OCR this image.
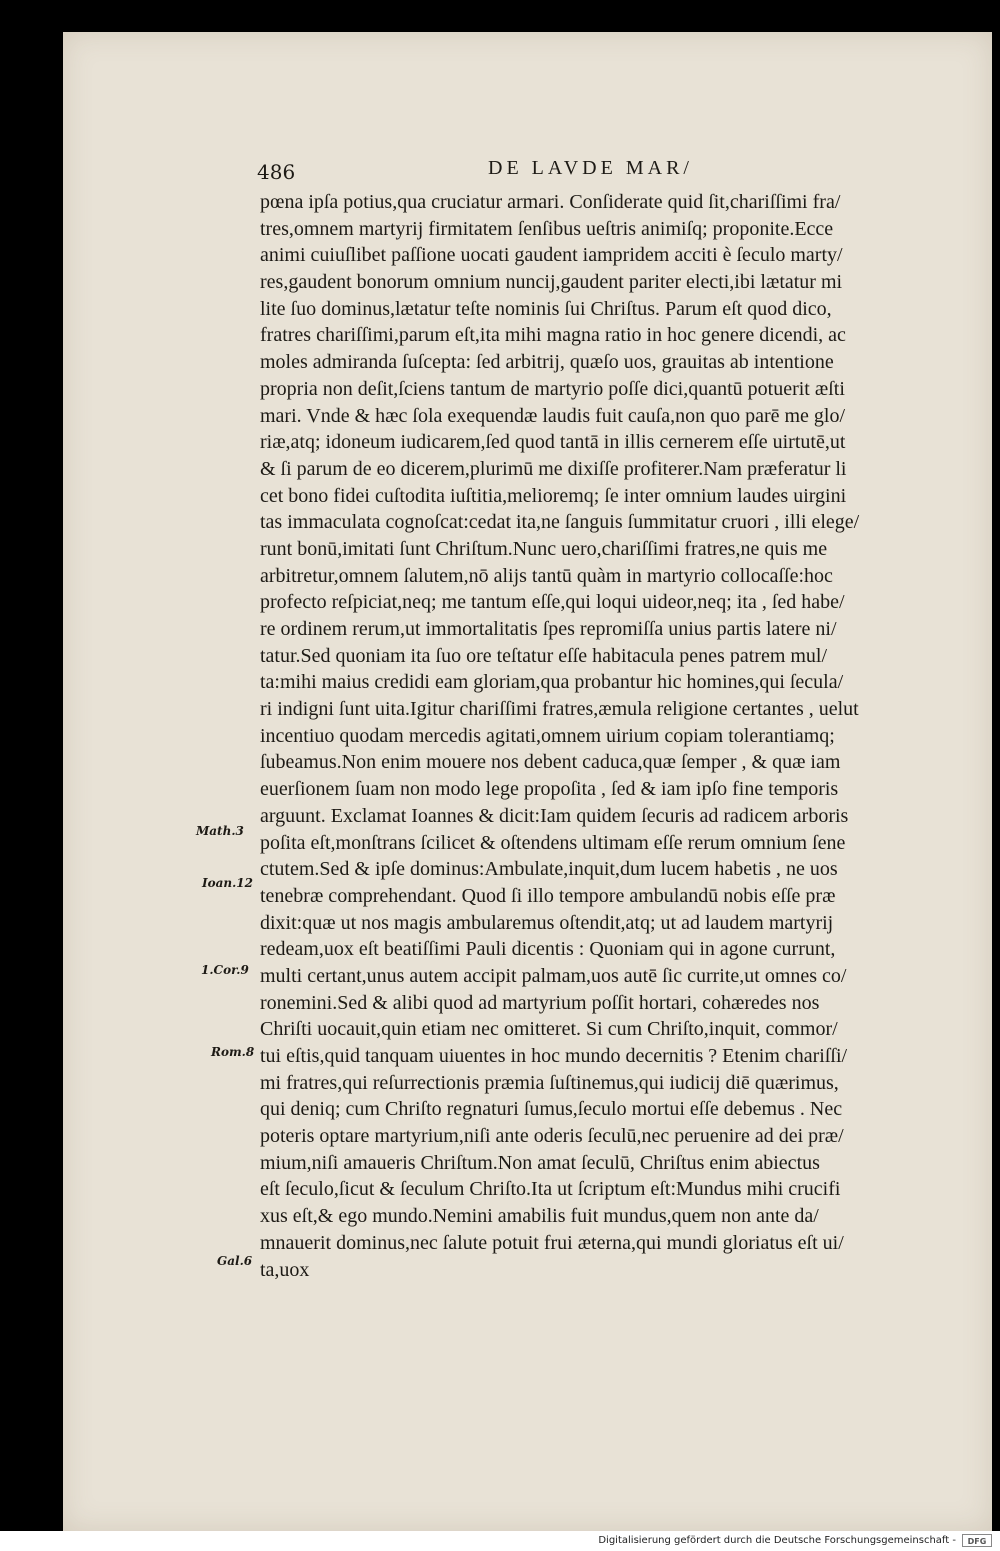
486	DE LAVDE MAR/
pœna ipſa potius,qua cruciatur armari. Conſiderate quid ſit,chariſſimi fra/
tres,omnem martyrij firmitatem ſenſibus ueſtris animiſq; proponite.Ecce
animi cuiuſlibet paſſione uocati gaudent iampridem acciti è ſeculo marty/
res,gaudent bonorum omnium nuncij,gaudent pariter electi,ibi lætatur mi
lite ſuo dominus,lætatur teſte nominis ſui Chriſtus. Parum eſt quod dico,
fratres chariſſimi,parum eſt,ita mihi magna ratio in hoc genere dicendi, ac
moles admiranda ſuſcepta: ſed arbitrij, quæſo uos, grauitas ab intentione
propria non deſit,ſciens tantum de martyrio poſſe dici,quantū potuerit æſti
mari. Vnde & hæc ſola exequendæ laudis fuit cauſa,non quo parē me glo/
riæ,atq; idoneum iudicarem,ſed quod tantā in illis cernerem eſſe uirtutē,ut
& ſi parum de eo dicerem,plurimū me dixiſſe profiterer.Nam præferatur li
cet bono fidei cuſtodita iuſtitia,melioremq; ſe inter omnium laudes uirgini
tas immaculata cognoſcat:cedat ita,ne ſanguis ſummitatur cruori , illi elege/
runt bonū,imitati ſunt Chriſtum.Nunc uero,chariſſimi fratres,ne quis me
arbitretur,omnem ſalutem,nō alijs tantū quàm in martyrio collocaſſe:hoc
profecto reſpiciat,neq; me tantum eſſe,qui loqui uideor,neq; ita , ſed habe/
re ordinem rerum,ut immortalitatis ſpes repromiſſa unius partis latere ni/
tatur.Sed quoniam ita ſuo ore teſtatur eſſe habitacula penes patrem mul/
ta:mihi maius credidi eam gloriam,qua probantur hic homines,qui ſecula/
ri indigni ſunt uita.Igitur chariſſimi fratres,æmula religione certantes , uelut
incentiuo quodam mercedis agitati,omnem uirium copiam tolerantiamq;
ſubeamus.Non enim mouere nos debent caduca,quæ ſemper , & quæ iam
euerſionem ſuam non modo lege propoſita , ſed & iam ipſo fine temporis
arguunt. Exclamat Ioannes & dicit:Iam quidem ſecuris ad radicem arboris
poſita eſt,monſtrans ſcilicet & oſtendens ultimam eſſe rerum omnium ſene
ctutem.Sed & ipſe dominus:Ambulate,inquit,dum lucem habetis , ne uos
tenebræ comprehendant. Quod ſi illo tempore ambulandū nobis eſſe præ
dixit:quæ ut nos magis ambularemus oſtendit,atq; ut ad laudem martyrij
redeam,uox eſt beatiſſimi Pauli dicentis : Quoniam qui in agone currunt,
multi certant,unus autem accipit palmam,uos autē ſic currite,ut omnes co/
ronemini.Sed & alibi quod ad martyrium poſſit hortari, cohæredes nos
Chriſti uocauit,quin etiam nec omitteret. Si cum Chriſto,inquit, commor/
tui eſtis,quid tanquam uiuentes in hoc mundo decernitis ? Etenim chariſſi/
mi fratres,qui reſurrectionis præmia ſuſtinemus,qui iudicij diē quærimus,
qui deniq; cum Chriſto regnaturi ſumus,ſeculo mortui eſſe debemus . Nec
poteris optare martyrium,niſi ante oderis ſeculū,nec peruenire ad dei præ/
mium,niſi amaueris Chriſtum.Non amat ſeculū, Chriſtus enim abiectus
eſt ſeculo,ſicut & ſeculum Chriſto.Ita ut ſcriptum eſt:Mundus mihi crucifi
xus eſt,& ego mundo.Nemini amabilis fuit mundus,quem non ante da/
mnauerit dominus,nec ſalute potuit frui æterna,qui mundi gloriatus eſt ui/
ta,uox
Math.3
Ioan.12
1.Cor.9
Rom.8
Gal.6
Digitalisierung gefördert durch die Deutsche Forschungsgemeinschaft -	DFG
